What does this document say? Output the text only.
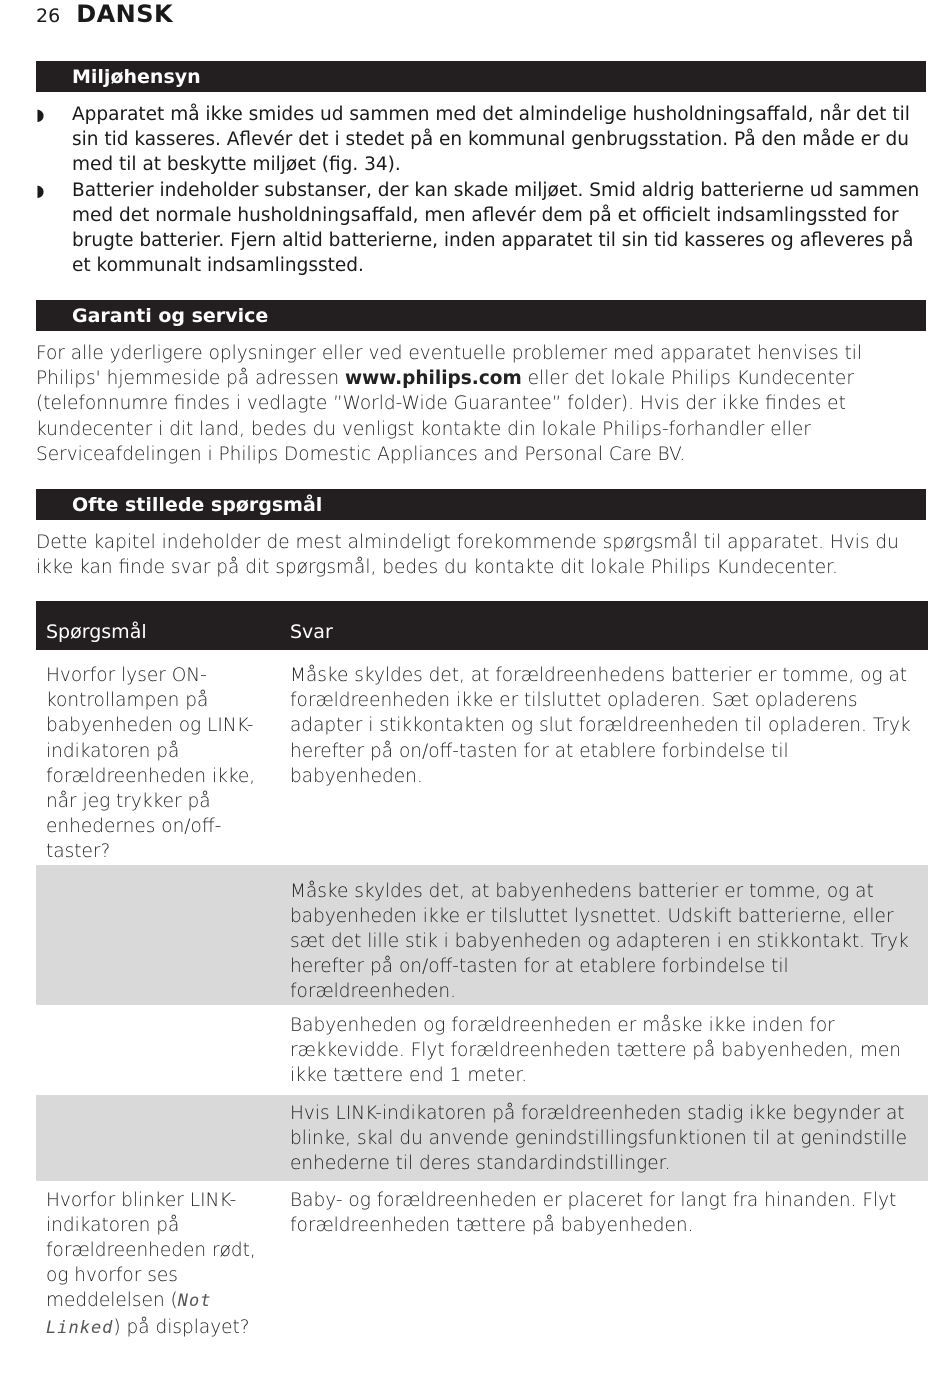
26 DANSK
Miljøhensyn
◗ Apparatet må ikke smides ud sammen med det almindelige husholdningsaffald, når det til sin tid kasseres. Aflevér det i stedet på en kommunal genbrugsstation. På den måde er du med til at beskytte miljøet (fig. 34).
◗ Batterier indeholder substanser, der kan skade miljøet. Smid aldrig batterierne ud sammen med det normale husholdningsaffald, men aflevér dem på et officielt indsamlingssted for brugte batterier. Fjern altid batterierne, inden apparatet til sin tid kasseres og afleveres på et kommunalt indsamlingssted.
Garanti og service
For alle yderligere oplysninger eller ved eventuelle problemer med apparatet henvises til Philips' hjemmeside på adressen www.philips.com eller det lokale Philips Kundecenter (telefonnumre findes i vedlagte ”World-Wide Guarantee” folder). Hvis der ikke findes et kundecenter i dit land, bedes du venligst kontakte din lokale Philips-forhandler eller Serviceafdelingen i Philips Domestic Appliances and Personal Care BV.
Ofte stillede spørgsmål
Dette kapitel indeholder de mest almindeligt forekommende spørgsmål til apparatet. Hvis du ikke kan finde svar på dit spørgsmål, bedes du kontakte dit lokale Philips Kundecenter.
Spørgsmål	Svar

Hvorfor lyser ON-kontrollampen på babyenheden og LINK-indikatoren på forældreenheden ikke, når jeg trykker på enhedernes on/off-taster?	Måske skyldes det, at forældreenhedens batterier er tomme, og at forældreenheden ikke er tilsluttet opladeren. Sæt opladerens adapter i stikkontakten og slut forældreenheden til opladeren. Tryk herefter på on/off-tasten for at etablere forbindelse til babyenheden.
	Måske skyldes det, at babyenhedens batterier er tomme, og at babyenheden ikke er tilsluttet lysnettet. Udskift batterierne, eller sæt det lille stik i babyenheden og adapteren i en stikkontakt. Tryk herefter på on/off-tasten for at etablere forbindelse til forældreenheden.
	Babyenheden og forældreenheden er måske ikke inden for rækkevidde. Flyt forældreenheden tættere på babyenheden, men ikke tættere end 1 meter.
	Hvis LINK-indikatoren på forældreenheden stadig ikke begynder at blinke, skal du anvende genindstillingsfunktionen til at genindstille enhederne til deres standardindstillinger.
Hvorfor blinker LINK-indikatoren på forældreenheden rødt, og hvorfor ses meddelelsen (Not Linked) på displayet?	Baby- og forældreenheden er placeret for langt fra hinanden. Flyt forældreenheden tættere på babyenheden.
